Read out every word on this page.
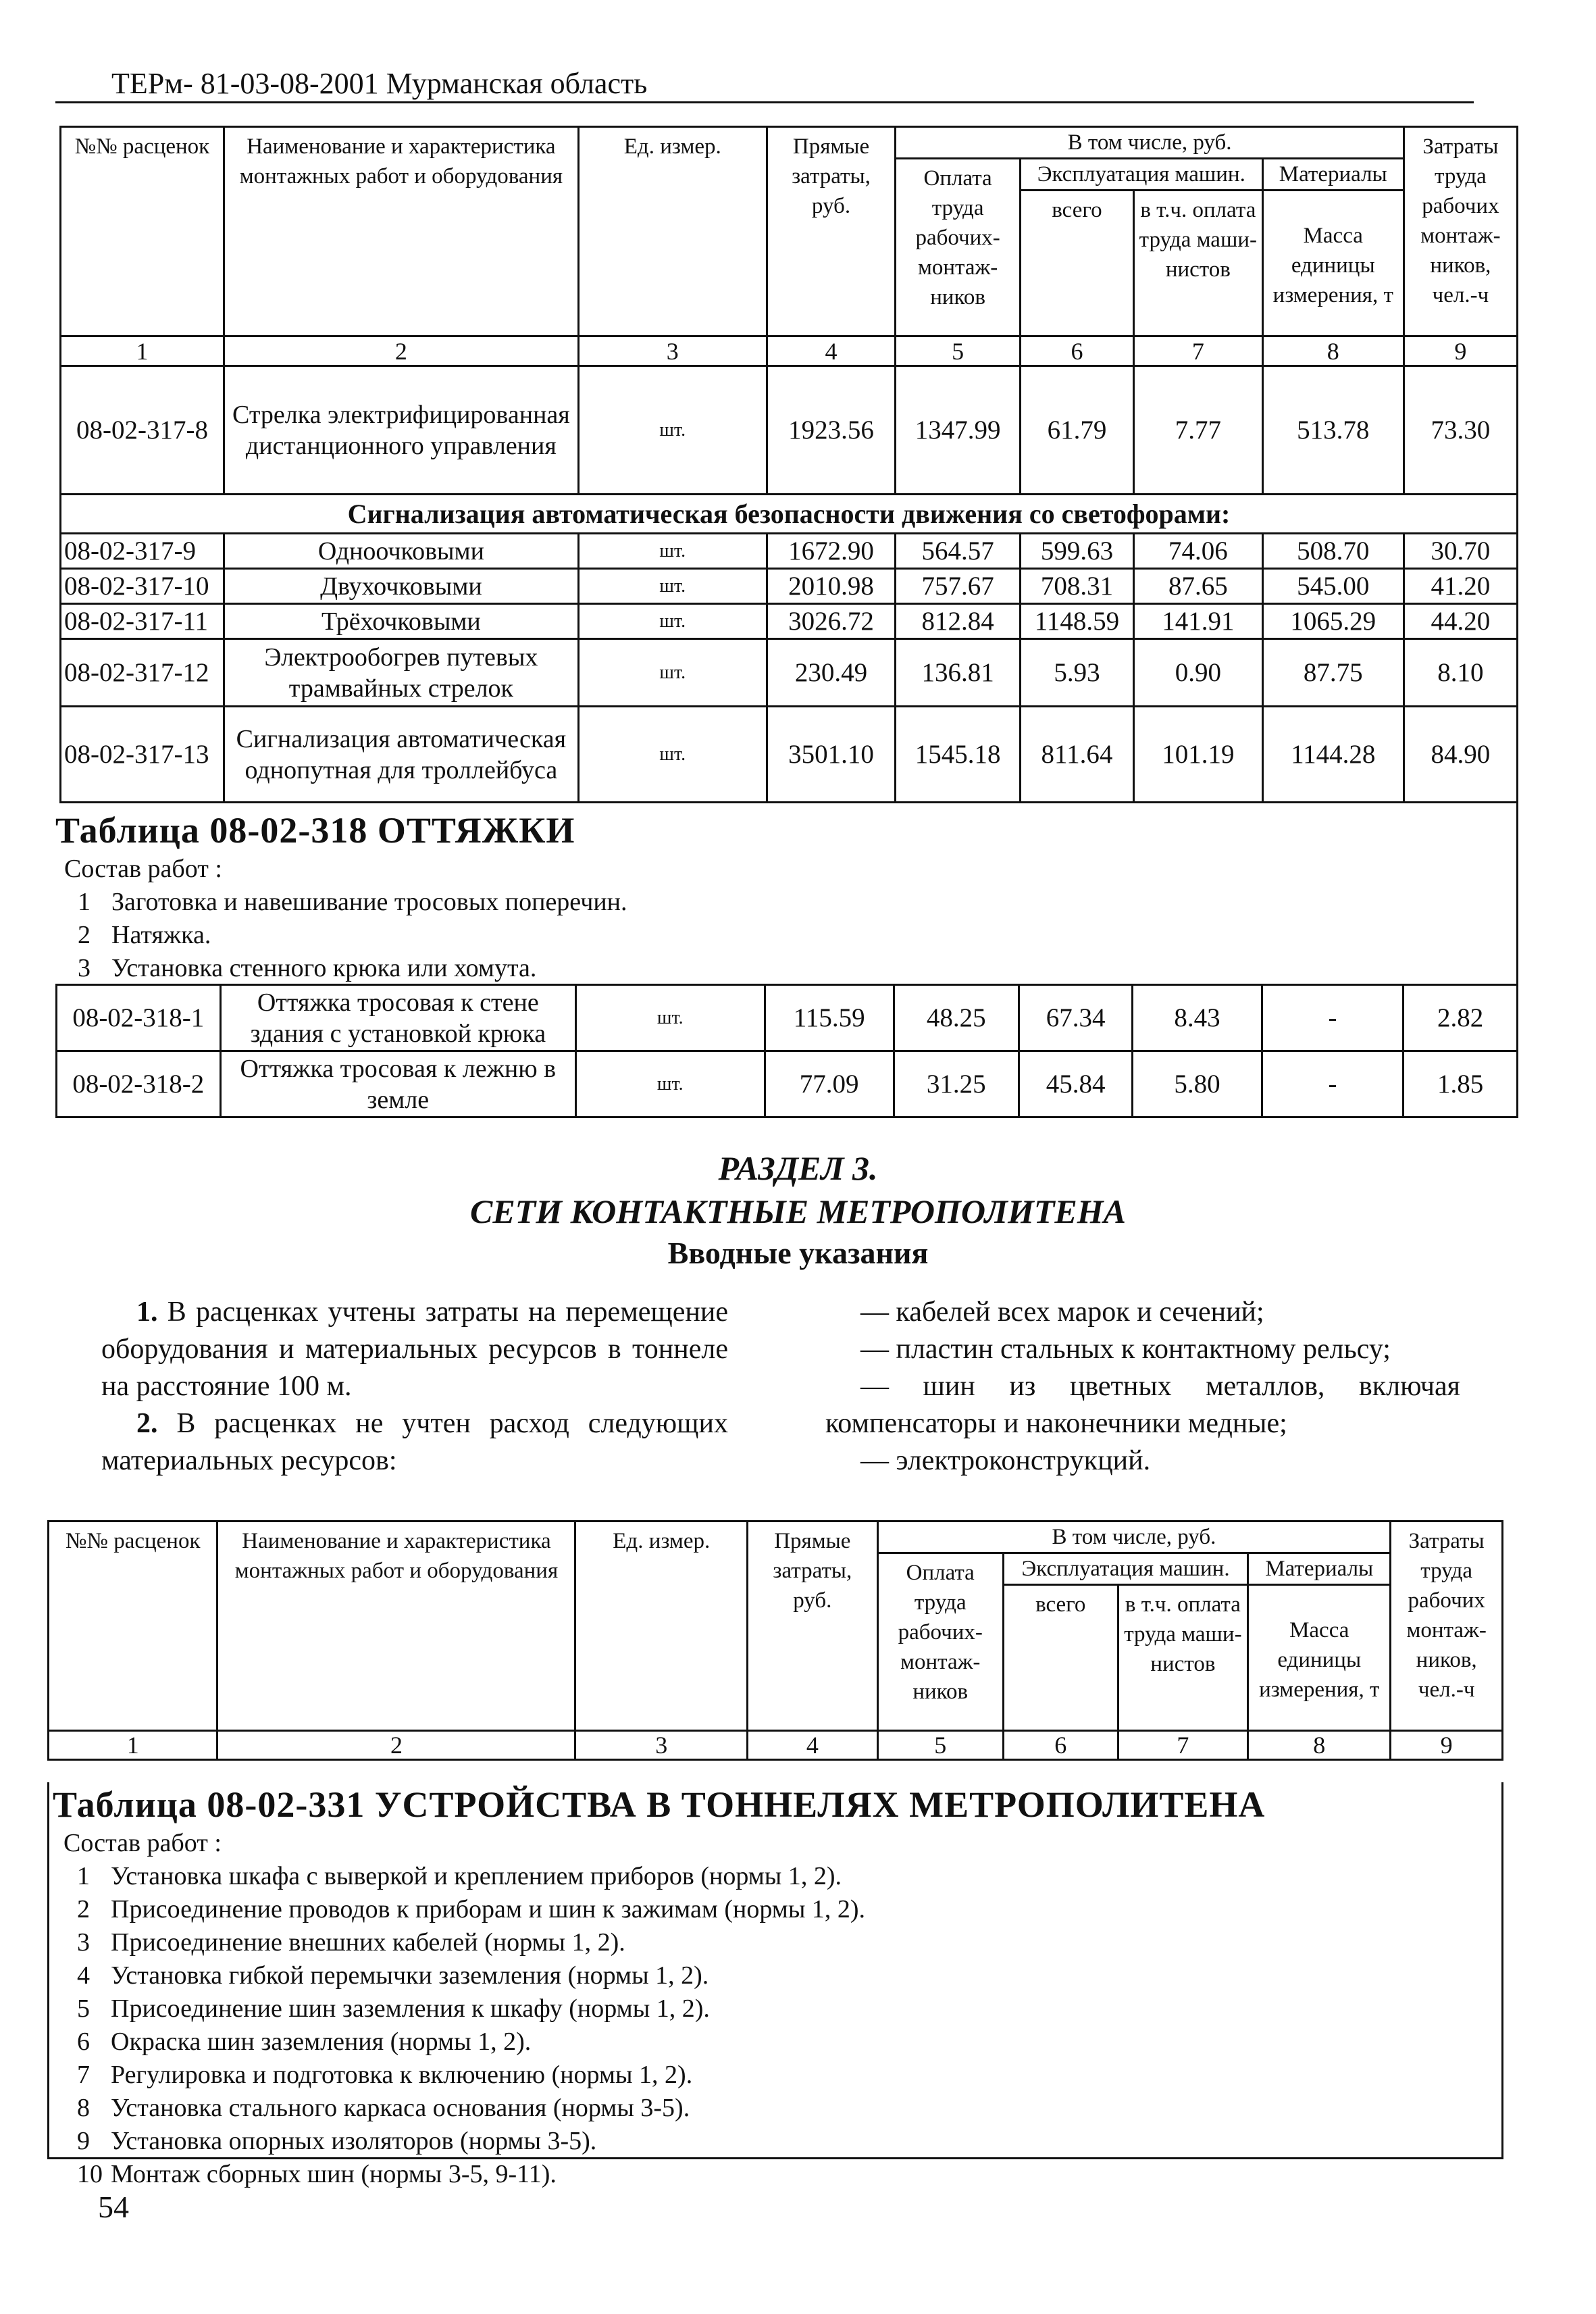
ТЕРм- 81-03-08-2001 Мурманская область
№№ расценок	Наименование и характеристика монтажных работ и оборудования	Ед. измер.	Прямые затраты, руб.	В том числе, руб.				Затраты труда рабочих монтаж-ников, чел.-ч
				Оплата труда рабочих-монтаж-ников	Эксплуатация машин.		Материалы	
					всего	в т.ч. оплата труда маши-нистов	Масса единицы измерения, т	
1	2	3	4	5	6	7	8	9
08-02-317-8	Стрелка электрифицированная дистанционного управления	шт.	1923.56	1347.99	61.79	7.77	513.78	73.30
Сигнализация автоматическая безопасности движения со светофорами:								
08-02-317-9	Одноочковыми	шт.	1672.90	564.57	599.63	74.06	508.70	30.70
08-02-317-10	Двухочковыми	шт.	2010.98	757.67	708.31	87.65	545.00	41.20
08-02-317-11	Трёхочковыми	шт.	3026.72	812.84	1148.59	141.91	1065.29	44.20
08-02-317-12	Электрообогрев путевых трамвайных стрелок	шт.	230.49	136.81	5.93	0.90	87.75	8.10
08-02-317-13	Сигнализация автоматическая однопутная для троллейбуса	шт.	3501.10	1545.18	811.64	101.19	1144.28	84.90
Таблица 08-02-318 ОТТЯЖКИ
Состав работ :
1 Заготовка и навешивание тросовых поперечин.
2 Натяжка.
3 Установка стенного крюка или хомута.
08-02-318-1	Оттяжка тросовая к стене здания с установкой крюка	шт.	115.59	48.25	67.34	8.43	-	2.82
08-02-318-2	Оттяжка тросовая к лежню в земле	шт.	77.09	31.25	45.84	5.80	-	1.85
РАЗДЕЛ 3.
СЕТИ КОНТАКТНЫЕ МЕТРОПОЛИТЕНА
Вводные указания
1. В расценках учтены затраты на перемещение оборудования и материальных ресурсов в тоннеле на расстояние 100 м.
2. В расценках не учтен расход следующих материальных ресурсов:
— кабелей всех марок и сечений;
— пластин стальных к контактному рельсу;
— шин из цветных металлов, включая компенсаторы и наконечники медные;
— электроконструкций.
№№ расценок	Наименование и характеристика монтажных работ и оборудования	Ед. измер.	Прямые затраты, руб.	В том числе, руб.				Затраты труда рабочих монтаж-ников, чел.-ч
				Оплата труда рабочих-монтаж-ников	Эксплуатация машин.		Материалы	
					всего	в т.ч. оплата труда маши-нистов	Масса единицы измерения, т	
1	2	3	4	5	6	7	8	9
Таблица 08-02-331 УСТРОЙСТВА В ТОННЕЛЯХ МЕТРОПОЛИТЕНА
Состав работ :
1 Установка шкафа с выверкой и креплением приборов (нормы 1, 2).
2 Присоединение проводов к приборам и шин к зажимам (нормы 1, 2).
3 Присоединение внешних кабелей (нормы 1, 2).
4 Установка гибкой перемычки заземления (нормы 1, 2).
5 Присоединение шин заземления к шкафу (нормы 1, 2).
6 Окраска шин заземления (нормы 1, 2).
7 Регулировка и подготовка к включению (нормы 1, 2).
8 Установка стального каркаса основания (нормы 3-5).
9 Установка опорных изоляторов (нормы 3-5).
10 Монтаж сборных шин (нормы 3-5, 9-11).
54
